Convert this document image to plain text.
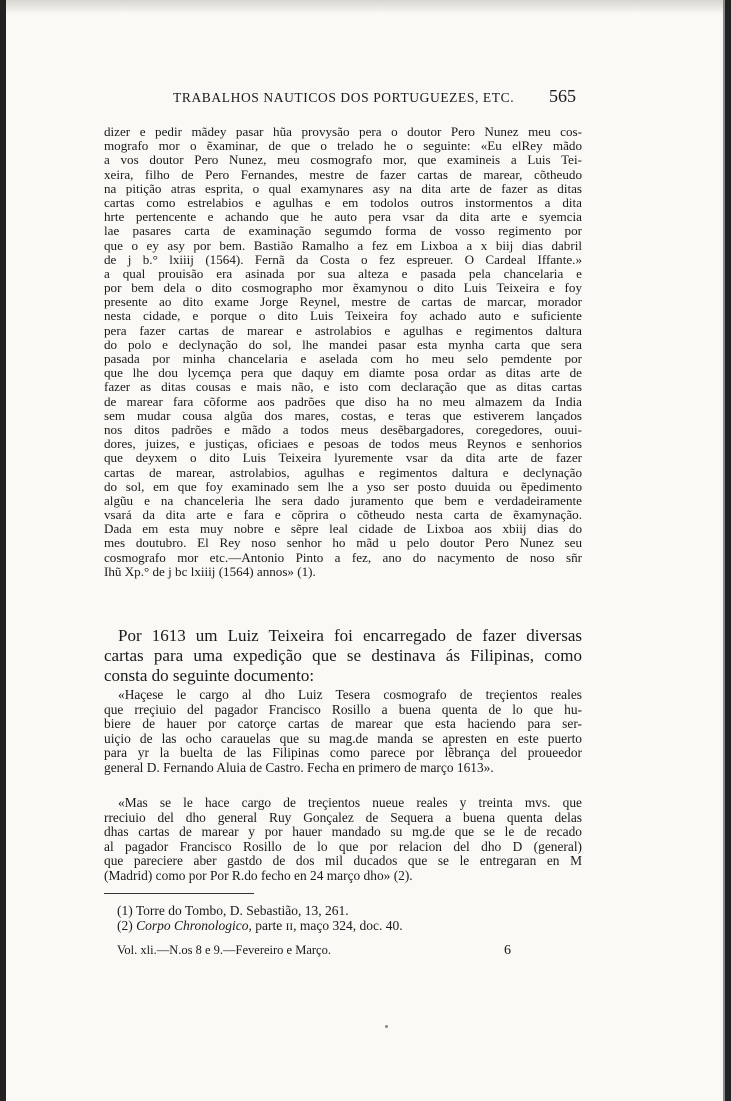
TRABALHOS NAUTICOS DOS PORTUGUEZES, ETC. 565
dizer e pedir mãdey pasar hũa provysão pera o doutor Pero Nunez meu cos-
mografo mor o ẽxaminar, de que o trelado he o seguinte: «Eu elRey mãdo
a vos doutor Pero Nunez, meu cosmografo mor, que examineis a Luis Tei-
xeira, filho de Pero Fernandes, mestre de fazer cartas de marear, cõtheudo
na pitição atras esprita, o qual examynares asy na dita arte de fazer as ditas
cartas como estrelabios e agulhas e em todolos outros instormentos a dita
hrte pertencente e achando que he auto pera vsar da dita arte e syemcia
lae pasares carta de examinação segumdo forma de vosso regimento por
que o ey asy por bem. Bastião Ramalho a fez em Lixboa a x biij dias dabril
de j b.° lxiiij (1564). Fernã da Costa o fez espreuer. O Cardeal Iffante.»
a qual prouisão era asinada por sua alteza e pasada pela chancelaria e
por bem dela o dito cosmographo mor ẽxamynou o dito Luis Teixeira e foy
presente ao dito exame Jorge Reynel, mestre de cartas de marcar, morador
nesta cidade, e porque o dito Luis Teixeira foy achado auto e suficiente
pera fazer cartas de marear e astrolabios e agulhas e regimentos daltura
do polo e declynação do sol, lhe mandei pasar esta mynha carta que sera
pasada por minha chancelaria e aselada com ho meu selo pemdente por
que lhe dou lycemça pera que daquy em diamte posa ordar as ditas arte de
fazer as ditas cousas e mais não, e isto com declaração que as ditas cartas
de marear fara cõforme aos padrões que diso ha no meu almazem da India
sem mudar cousa algũa dos mares, costas, e teras que estiverem lançados
nos ditos padrões e mãdo a todos meus desẽbargadores, coregedores, ouui-
dores, juizes, e justiças, oficiaes e pesoas de todos meus Reynos e senhorios
que deyxem o dito Luis Teixeira lyuremente vsar da dita arte de fazer
cartas de marear, astrolabios, agulhas e regimentos daltura e declynação
do sol, em que foy examinado sem lhe a yso ser posto duuida ou ẽpedimento
algũu e na chanceleria lhe sera dado juramento que bem e verdadeiramente
vsará da dita arte e fara e cõprira o cõtheudo nesta carta de ẽxamynação.
Dada em esta muy nobre e sẽpre leal cidade de Lixboa aos xbiij dias do
mes doutubro. El Rey noso senhor ho mãd u pelo doutor Pero Nunez seu
cosmografo mor etc.—Antonio Pinto a fez, ano do nacymento de noso sñr
Ihũ Xp.° de j bc lxiiij (1564) annos» (1).
Por 1613 um Luiz Teixeira foi encarregado de fazer diversas
cartas para uma expedição que se destinava ás Filipinas, como
consta do seguinte documento:
«Haçese le cargo al dho Luiz Tesera cosmografo de treçientos reales
que rreçiuio del pagador Francisco Rosillo a buena quenta de lo que hu-
biere de hauer por catorçe cartas de marear que esta haciendo para ser-
uiçio de las ocho carauelas que su mag.de manda se apresten en este puerto
para yr la buelta de las Filipinas como parece por lẽbrança del proueedor
general D. Fernando Aluia de Castro. Fecha en primero de março 1613».
«Mas se le hace cargo de treçientos nueue reales y treinta mvs. que
rreciuio del dho general Ruy Gonçalez de Sequera a buena quenta delas
dhas cartas de marear y por hauer mandado su mg.de que se le de recado
al pagador Francisco Rosillo de lo que por relacion del dho D (general)
que pareciere aber gastdo de dos mil ducados que se le entregaran en M
(Madrid) como por Por R.do fecho en 24 março dho» (2).
(1) Torre do Tombo, D. Sebastião, 13, 261.
(2) Corpo Chronologico, parte ɪɪ, maço 324, doc. 40.
Vol. xli.—N.os 8 e 9.—Fevereiro e Março.	6
